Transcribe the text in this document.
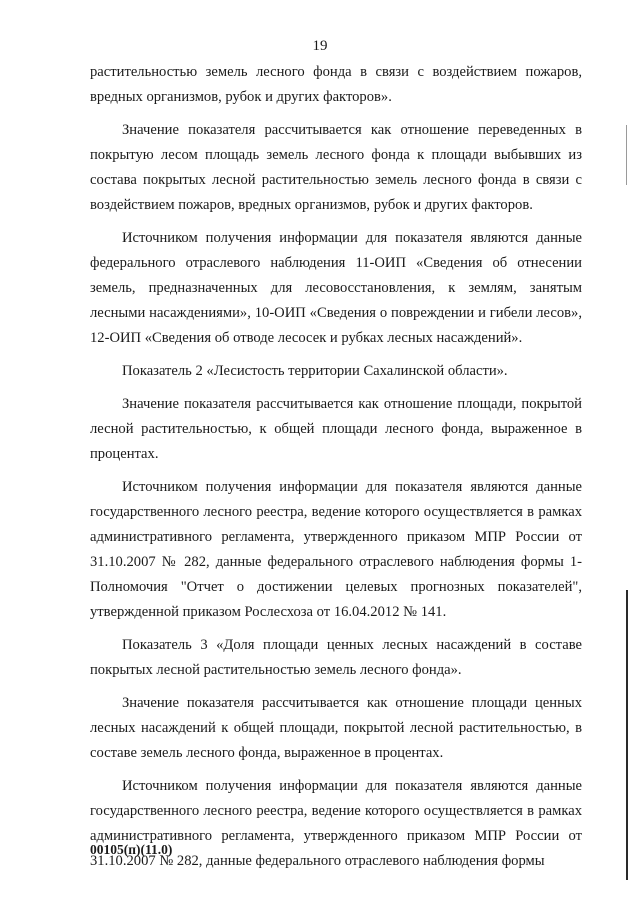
19

растительностью земель лесного фонда в связи с воздействием пожаров, вредных организмов, рубок и других факторов».

Значение показателя рассчитывается как отношение переведенных в покрытую лесом площадь земель лесного фонда к площади выбывших из состава покрытых лесной растительностью земель лесного фонда в связи с воздействием пожаров, вредных организмов, рубок и других факторов.

Источником получения информации для показателя являются данные федерального отраслевого наблюдения 11-ОИП «Сведения об отнесении земель, предназначенных для лесовосстановления, к землям, занятым лесными насаждениями», 10-ОИП «Сведения о повреждении и гибели лесов», 12-ОИП «Сведения об отводе лесосек и рубках лесных насаждений».

Показатель 2 «Лесистость территории Сахалинской области».

Значение показателя рассчитывается как отношение площади, покрытой лесной растительностью, к общей площади лесного фонда, выраженное в процентах.

Источником получения информации для показателя являются данные государственного лесного реестра, ведение которого осуществляется в рамках административного регламента, утвержденного приказом МПР России от 31.10.2007 № 282, данные федерального отраслевого наблюдения формы 1-Полномочия "Отчет о достижении целевых прогнозных показателей", утвержденной приказом Рослесхоза от 16.04.2012 № 141.

Показатель 3 «Доля площади ценных лесных насаждений в составе покрытых лесной растительностью земель лесного фонда».

Значение показателя рассчитывается как отношение площади ценных лесных насаждений к общей площади, покрытой лесной растительностью, в составе земель лесного фонда, выраженное в процентах.

Источником получения информации для показателя являются данные государственного лесного реестра, ведение которого осуществляется в рамках административного регламента, утвержденного приказом МПР России от 31.10.2007 № 282, данные федерального отраслевого наблюдения формы

00105(п)(11.0)
